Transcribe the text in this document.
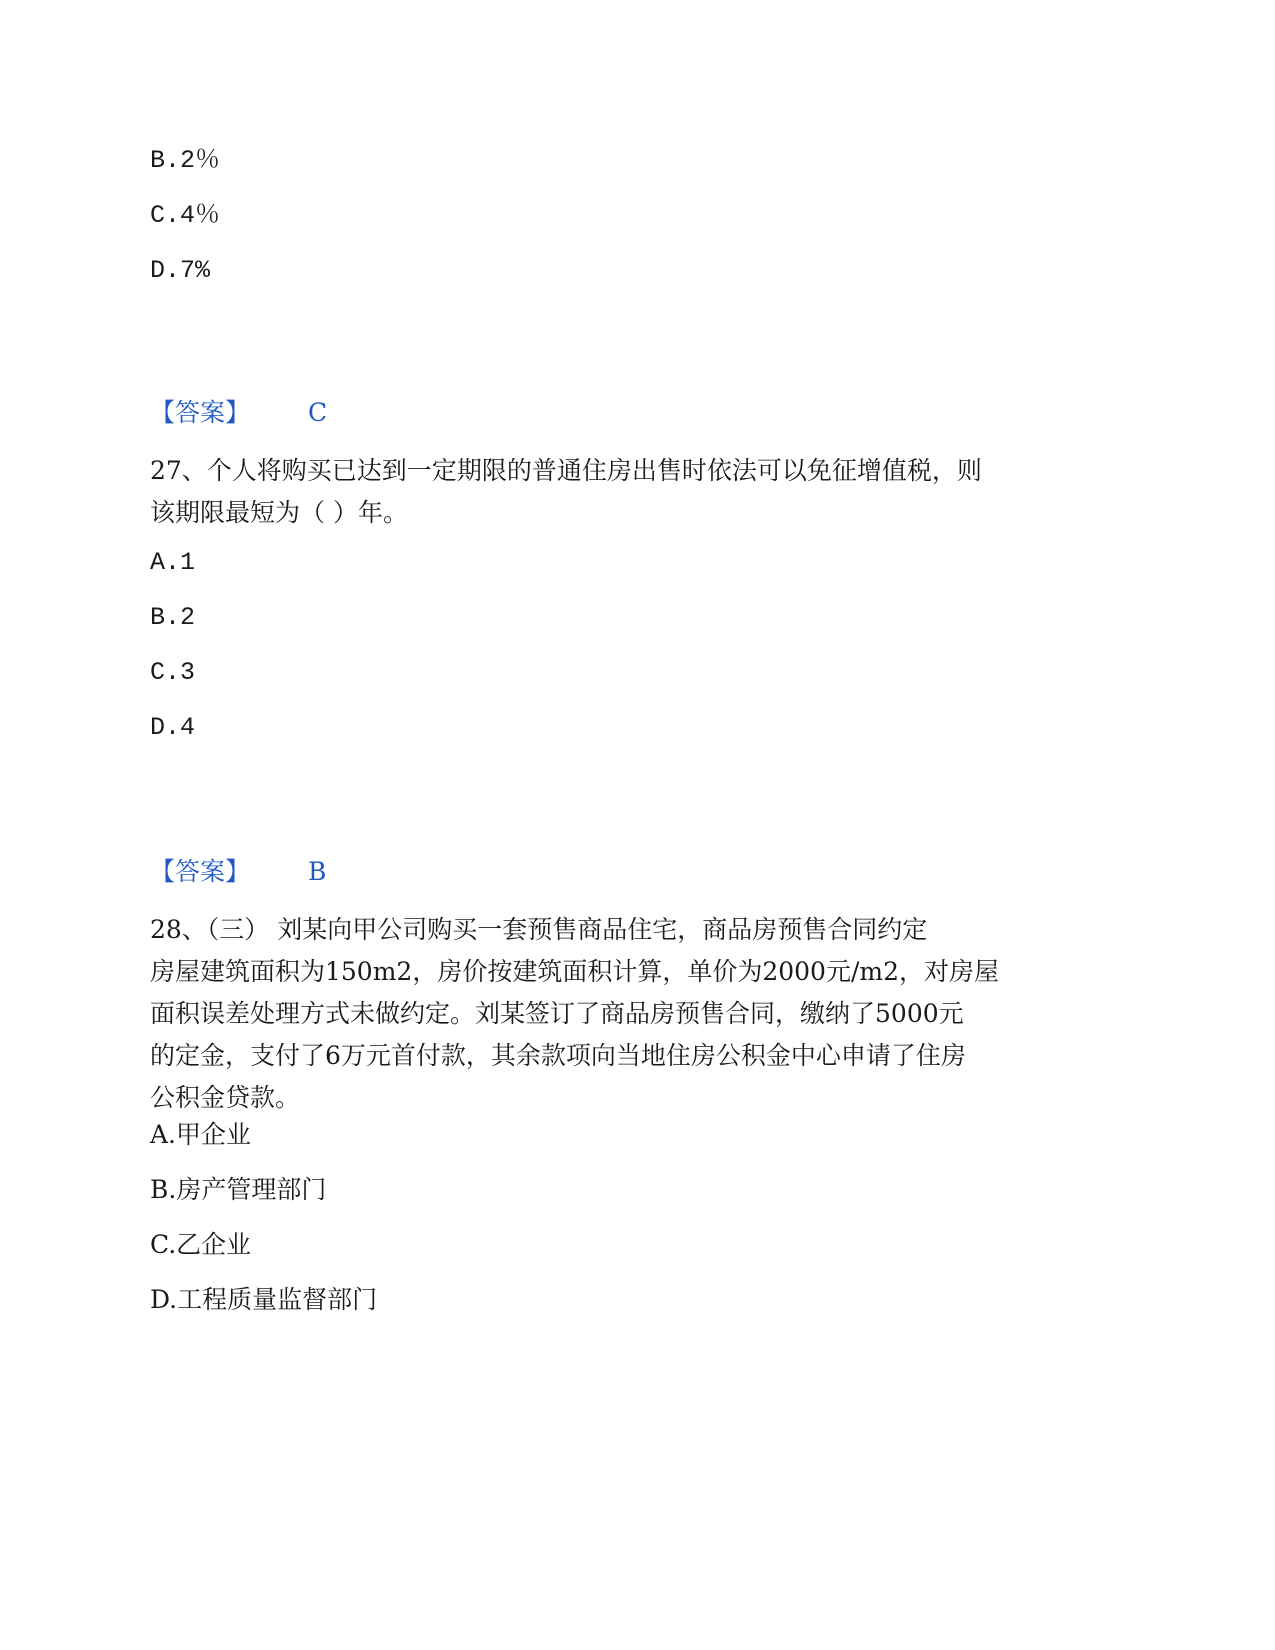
B.2％
C.4％
D.7%
【答案】 C
27、个人将购买已达到一定期限的普通住房出售时依法可以免征增值税，则
该期限最短为（ ）年。
A.1
B.2
C.3
D.4
【答案】 B
28、（三） 刘某向甲公司购买一套预售商品住宅，商品房预售合同约定
房屋建筑面积为150m2，房价按建筑面积计算，单价为2000元/m2，对房屋
面积误差处理方式未做约定。刘某签订了商品房预售合同，缴纳了5000元
的定金，支付了6万元首付款，其余款项向当地住房公积金中心申请了住房
公积金贷款。
A.甲企业
B.房产管理部门
C.乙企业
D.工程质量监督部门
